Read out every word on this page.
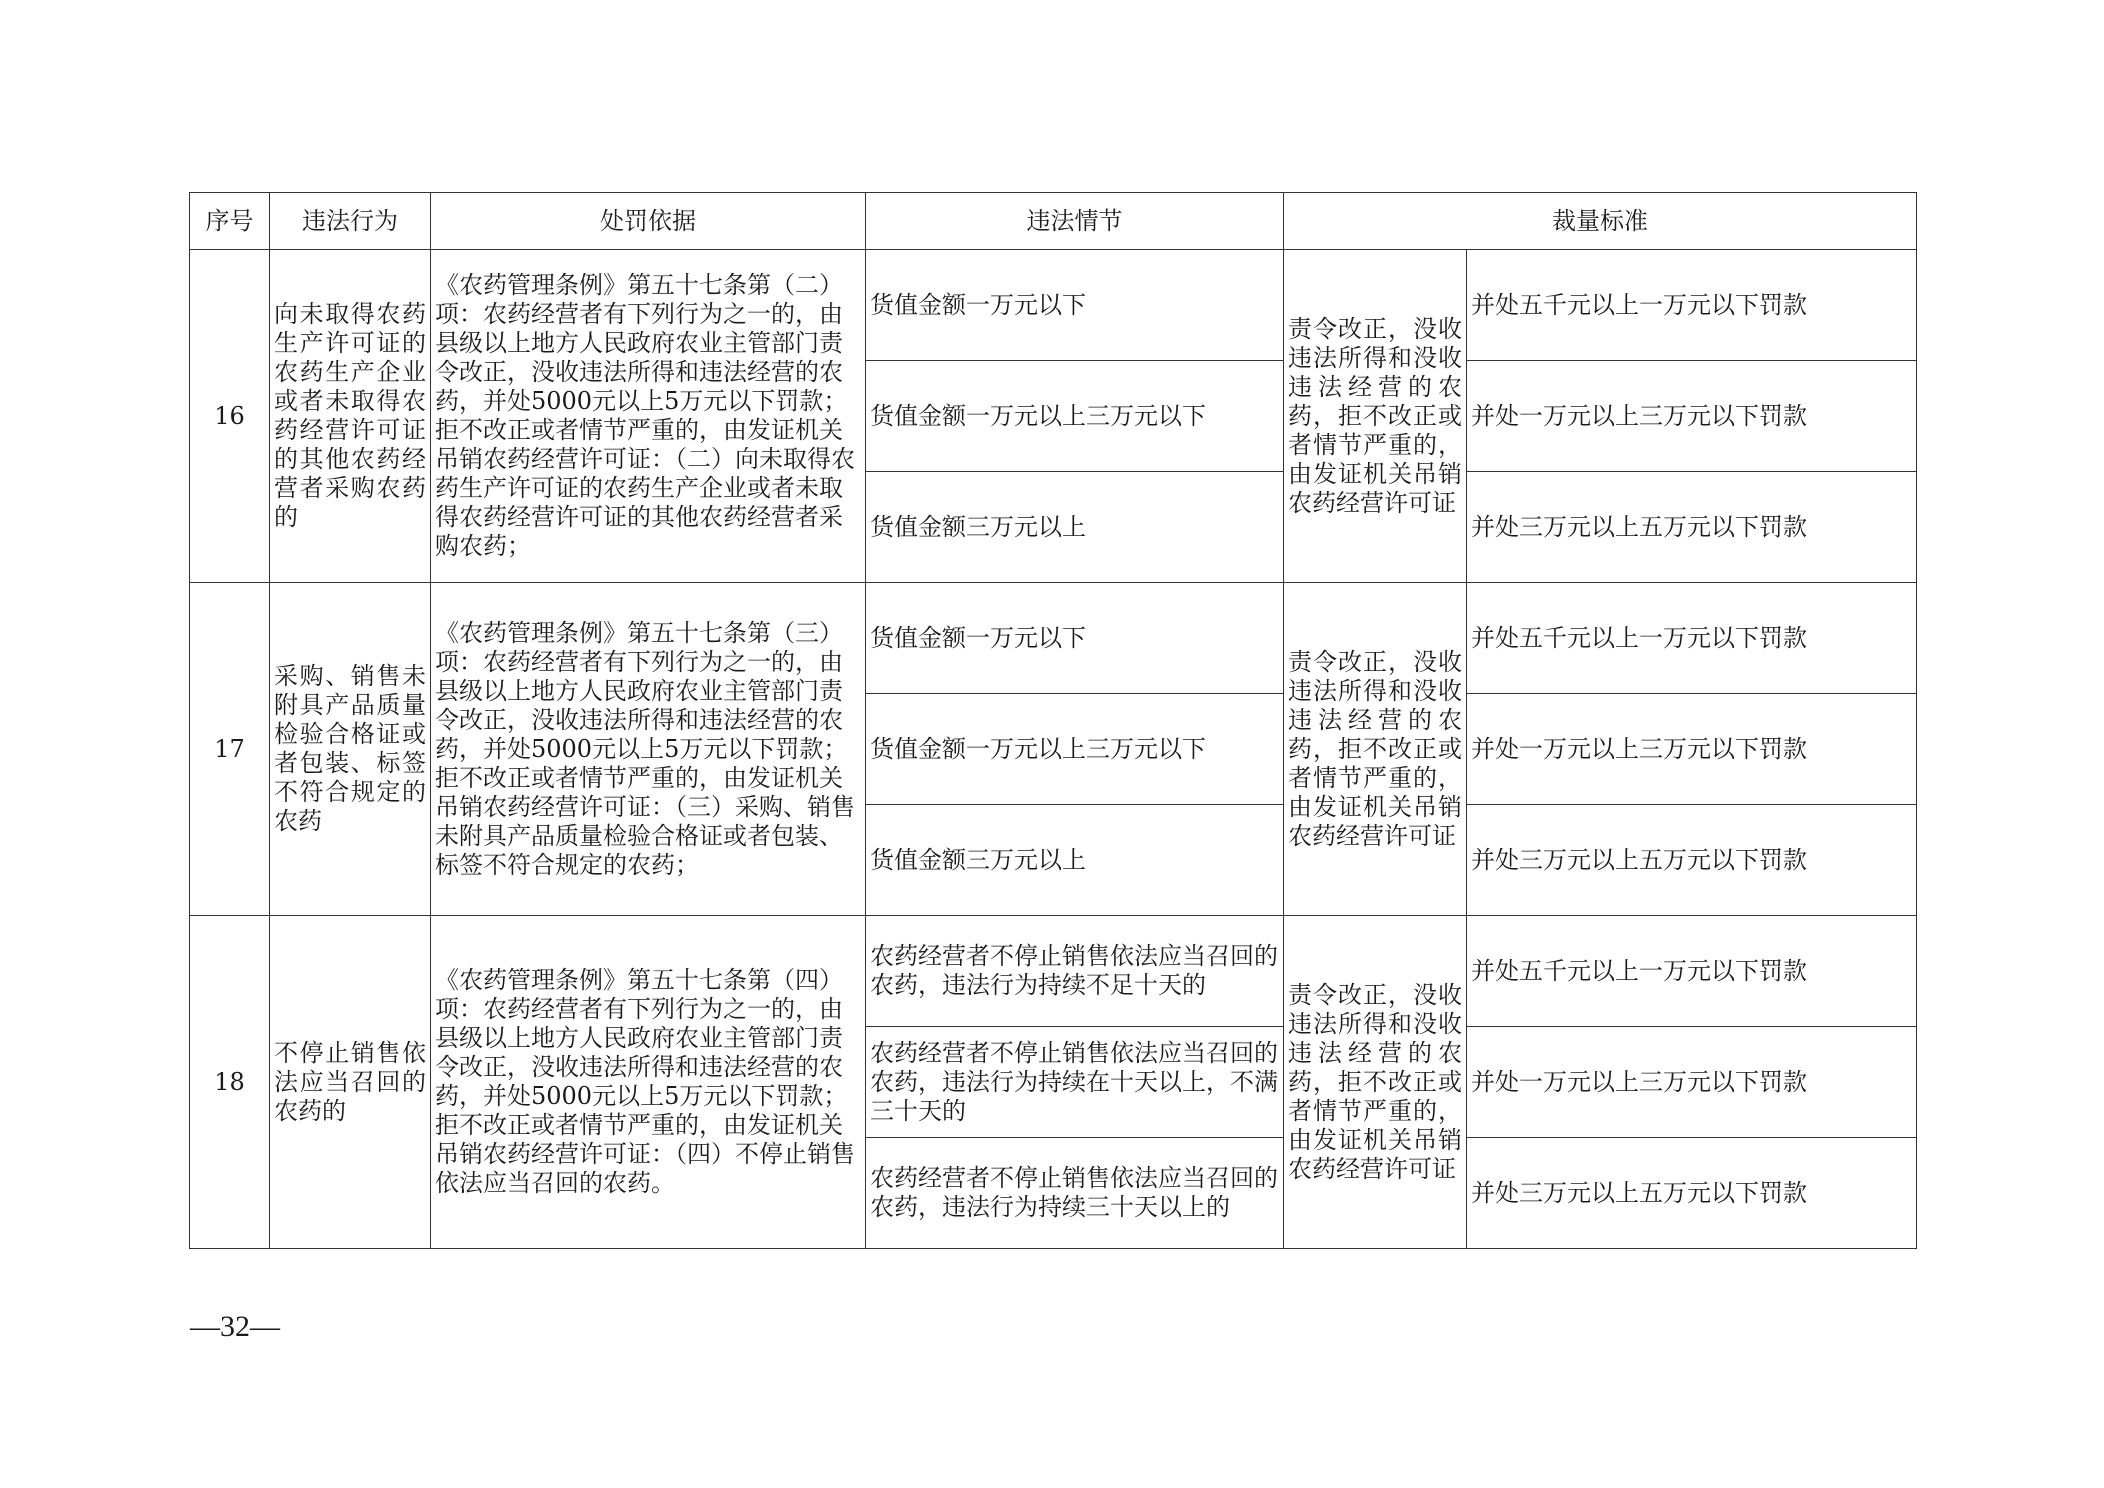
序号	违法行为	处罚依据	违法情节	裁量标准	
16	向未取得农药生产许可证的农药生产企业或者未取得农药经营许可证的其他农药经营者采购农药的	《农药管理条例》第五十七条第（二）项：农药经营者有下列行为之一的，由县级以上地方人民政府农业主管部门责令改正，没收违法所得和违法经营的农药，并处5000元以上5万元以下罚款；拒不改正或者情节严重的，由发证机关吊销农药经营许可证：（二）向未取得农药生产许可证的农药生产企业或者未取得农药经营许可证的其他农药经营者采购农药；	货值金额一万元以下	责令改正，没收违法所得和没收违法经营的农药，拒不改正或者情节严重的，由发证机关吊销农药经营许可证	并处五千元以上一万元以下罚款
			货值金额一万元以上三万元以下		并处一万元以上三万元以下罚款
			货值金额三万元以上		并处三万元以上五万元以下罚款
17	采购、销售未附具产品质量检验合格证或者包装、标签不符合规定的农药	《农药管理条例》第五十七条第（三）项：农药经营者有下列行为之一的，由县级以上地方人民政府农业主管部门责令改正，没收违法所得和违法经营的农药，并处5000元以上5万元以下罚款；拒不改正或者情节严重的，由发证机关吊销农药经营许可证：（三）采购、销售未附具产品质量检验合格证或者包装、标签不符合规定的农药；	货值金额一万元以下	责令改正，没收违法所得和没收违法经营的农药，拒不改正或者情节严重的，由发证机关吊销农药经营许可证	并处五千元以上一万元以下罚款
			货值金额一万元以上三万元以下		并处一万元以上三万元以下罚款
			货值金额三万元以上		并处三万元以上五万元以下罚款
18	不停止销售依法应当召回的农药的	《农药管理条例》第五十七条第（四）项：农药经营者有下列行为之一的，由县级以上地方人民政府农业主管部门责令改正，没收违法所得和违法经营的农药，并处5000元以上5万元以下罚款；拒不改正或者情节严重的，由发证机关吊销农药经营许可证：（四）不停止销售依法应当召回的农药。	农药经营者不停止销售依法应当召回的农药，违法行为持续不足十天的	责令改正，没收违法所得和没收违法经营的农药，拒不改正或者情节严重的，由发证机关吊销农药经营许可证	并处五千元以上一万元以下罚款
			农药经营者不停止销售依法应当召回的农药，违法行为持续在十天以上，不满三十天的		并处一万元以上三万元以下罚款
			农药经营者不停止销售依法应当召回的农药，违法行为持续三十天以上的		并处三万元以上五万元以下罚款
—32—
